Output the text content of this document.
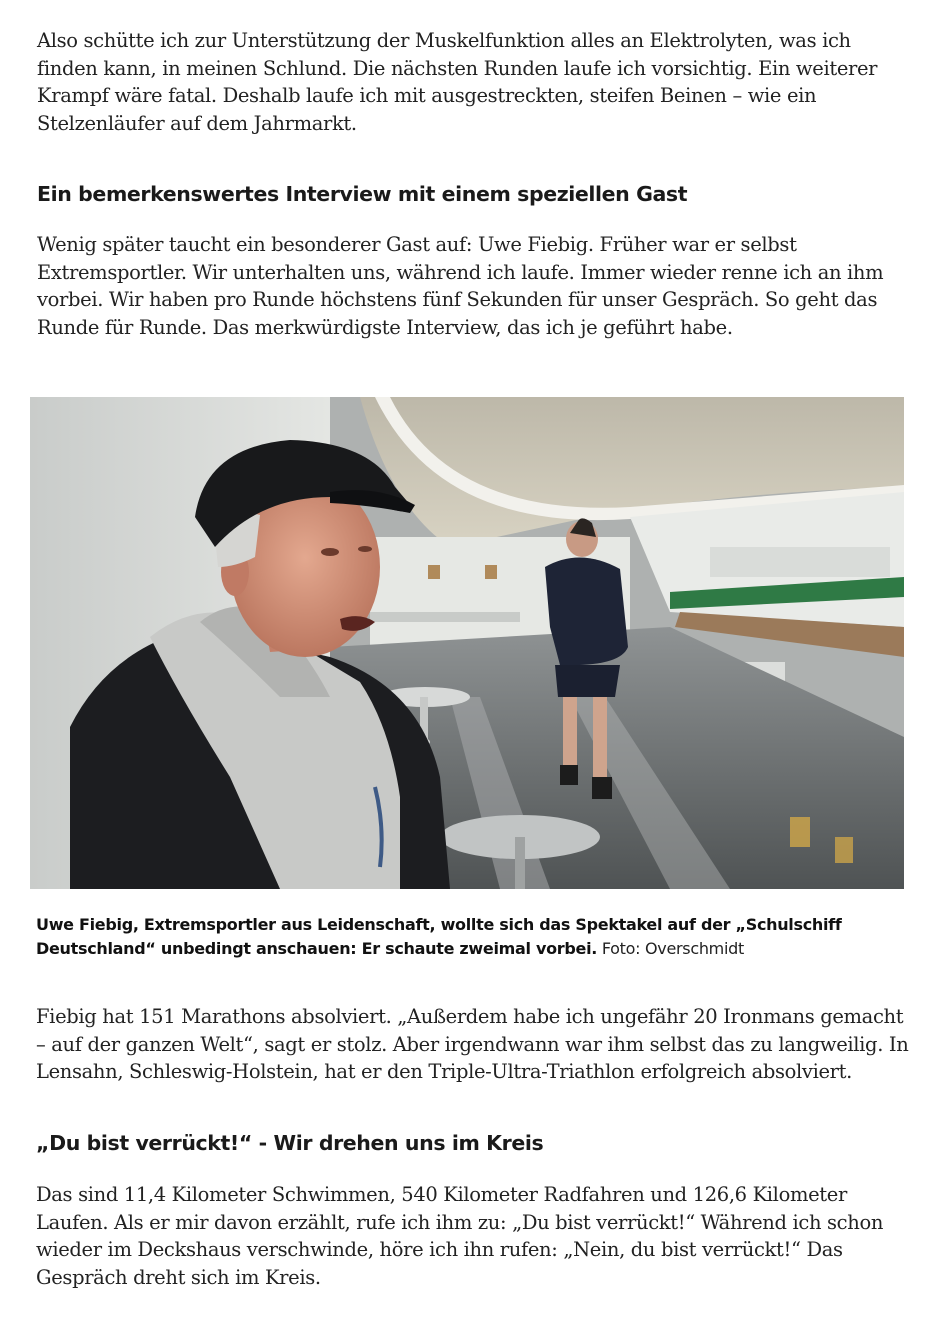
Also schütte ich zur Unterstützung der Muskelfunktion alles an Elektrolyten, was ich finden kann, in meinen Schlund. Die nächsten Runden laufe ich vorsichtig. Ein weiterer Krampf wäre fatal. Deshalb laufe ich mit ausgestreckten, steifen Beinen – wie ein Stelzenläufer auf dem Jahrmarkt.

Ein bemerkenswertes Interview mit einem speziellen Gast

Wenig später taucht ein besonderer Gast auf: Uwe Fiebig. Früher war er selbst Extremsportler. Wir unterhalten uns, während ich laufe. Immer wieder renne ich an ihm vorbei. Wir haben pro Runde höchstens fünf Sekunden für unser Gespräch. So geht das Runde für Runde. Das merkwürdigste Interview, das ich je geführt habe.

Uwe Fiebig, Extremsportler aus Leidenschaft, wollte sich das Spektakel auf der „Schulschiff Deutschland“ unbedingt anschauen: Er schaute zweimal vorbei. Foto: Overschmidt

Fiebig hat 151 Marathons absolviert. „Außerdem habe ich ungefähr 20 Ironmans gemacht – auf der ganzen Welt“, sagt er stolz. Aber irgendwann war ihm selbst das zu langweilig. In Lensahn, Schleswig-Holstein, hat er den Triple-Ultra-Triathlon erfolgreich absolviert.

„Du bist verrückt!“ - Wir drehen uns im Kreis

Das sind 11,4 Kilometer Schwimmen, 540 Kilometer Radfahren und 126,6 Kilometer Laufen. Als er mir davon erzählt, rufe ich ihm zu: „Du bist verrückt!“ Während ich schon wieder im Deckshaus verschwinde, höre ich ihn rufen: „Nein, du bist verrückt!“ Das Gespräch dreht sich im Kreis.
